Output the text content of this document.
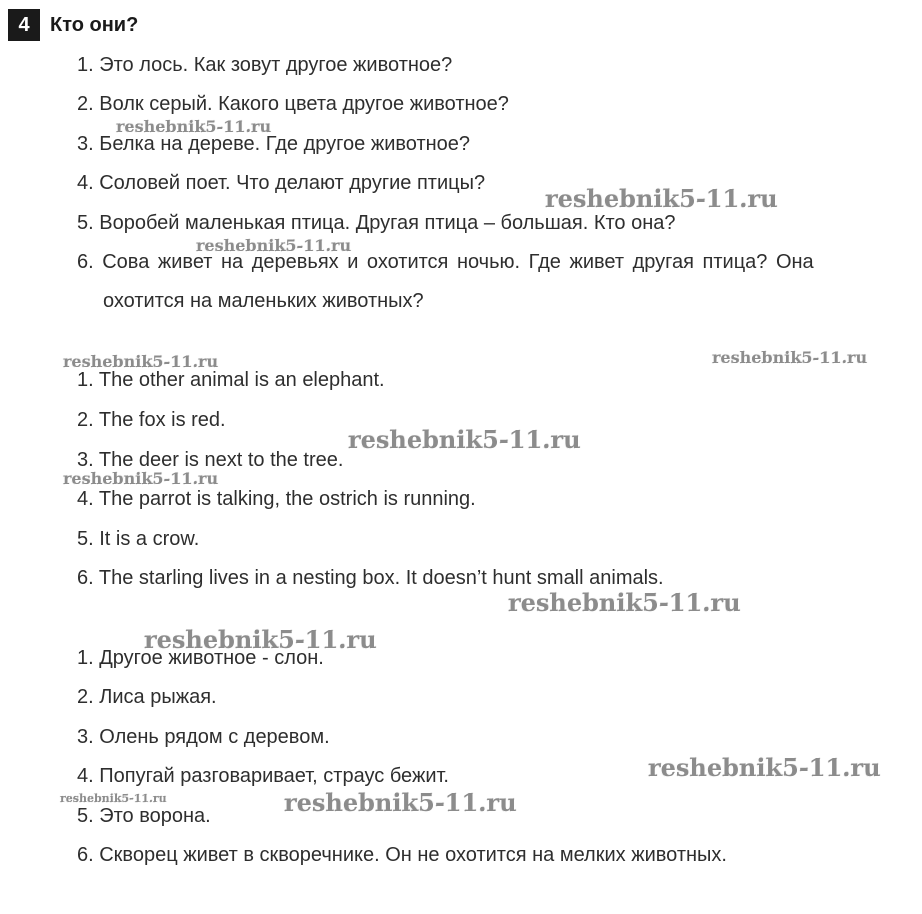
4	Кто они?
1. Это лось. Как зовут другое животное?
2. Волк серый. Какого цвета другое животное?
3. Белка на дереве. Где другое животное?
4. Соловей поет. Что делают другие птицы?
5. Воробей маленькая птица. Другая птица – большая. Кто она?
6. Сова живет на деревьях и охотится ночью. Где живет другая птица? Она
охотится на маленьких животных?
1. The other animal is an elephant.
2. The fox is red.
3. The deer is next to the tree.
4. The parrot is talking, the ostrich is running.
5. It is a crow.
6. The starling lives in a nesting box. It doesn’t hunt small animals.
1. Другое животное - слон.
2. Лиса рыжая.
3. Олень рядом с деревом.
4. Попугай разговаривает, страус бежит.
5. Это ворона.
6. Скворец живет в скворечнике. Он не охотится на мелких животных.
reshebnik5-11.ru
reshebnik5-11.ru
reshebnik5-11.ru
reshebnik5-11.ru	reshebnik5-11.ru
reshebnik5-11.ru
reshebnik5-11.ru
reshebnik5-11.ru
reshebnik5-11.ru
reshebnik5-11.ru
reshebnik5-11.ru	reshebnik5-11.ru
